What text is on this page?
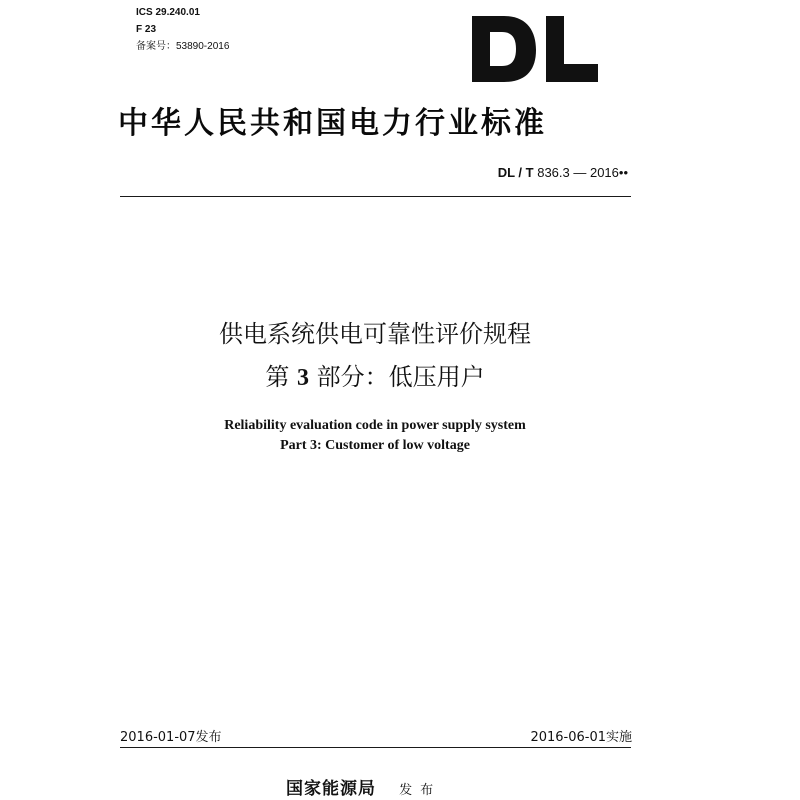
ICS 29.240.01
F 23
备案号：53890-2016
中华人民共和国电力行业标准
DL / T 836.3 — 2016••
供电系统供电可靠性评价规程
第 3 部分：低压用户
Reliability evaluation code in power supply system
Part 3: Customer of low voltage
2016-01-07发布	2016-06-01实施
国家能源局 发布
